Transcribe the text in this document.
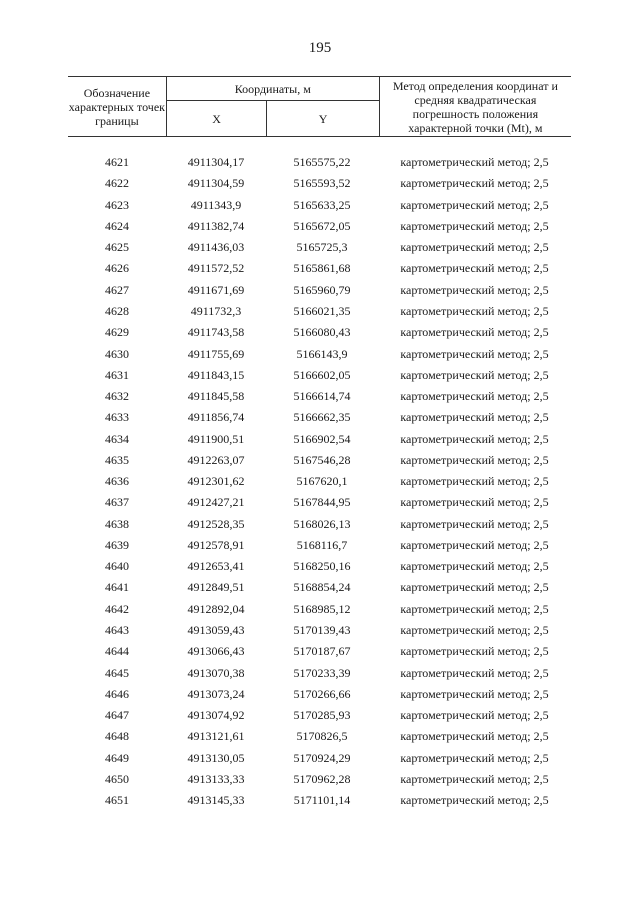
195
Обозначение характерных точек границы	Координаты, м		Метод определения координат и средняя квадратическая погрешность положения характерной точки (Mt), м
	X	Y	
4621	4911304,17	5165575,22	картометрический метод; 2,5
4622	4911304,59	5165593,52	картометрический метод; 2,5
4623	4911343,9	5165633,25	картометрический метод; 2,5
4624	4911382,74	5165672,05	картометрический метод; 2,5
4625	4911436,03	5165725,3	картометрический метод; 2,5
4626	4911572,52	5165861,68	картометрический метод; 2,5
4627	4911671,69	5165960,79	картометрический метод; 2,5
4628	4911732,3	5166021,35	картометрический метод; 2,5
4629	4911743,58	5166080,43	картометрический метод; 2,5
4630	4911755,69	5166143,9	картометрический метод; 2,5
4631	4911843,15	5166602,05	картометрический метод; 2,5
4632	4911845,58	5166614,74	картометрический метод; 2,5
4633	4911856,74	5166662,35	картометрический метод; 2,5
4634	4911900,51	5166902,54	картометрический метод; 2,5
4635	4912263,07	5167546,28	картометрический метод; 2,5
4636	4912301,62	5167620,1	картометрический метод; 2,5
4637	4912427,21	5167844,95	картометрический метод; 2,5
4638	4912528,35	5168026,13	картометрический метод; 2,5
4639	4912578,91	5168116,7	картометрический метод; 2,5
4640	4912653,41	5168250,16	картометрический метод; 2,5
4641	4912849,51	5168854,24	картометрический метод; 2,5
4642	4912892,04	5168985,12	картометрический метод; 2,5
4643	4913059,43	5170139,43	картометрический метод; 2,5
4644	4913066,43	5170187,67	картометрический метод; 2,5
4645	4913070,38	5170233,39	картометрический метод; 2,5
4646	4913073,24	5170266,66	картометрический метод; 2,5
4647	4913074,92	5170285,93	картометрический метод; 2,5
4648	4913121,61	5170826,5	картометрический метод; 2,5
4649	4913130,05	5170924,29	картометрический метод; 2,5
4650	4913133,33	5170962,28	картометрический метод; 2,5
4651	4913145,33	5171101,14	картометрический метод; 2,5
